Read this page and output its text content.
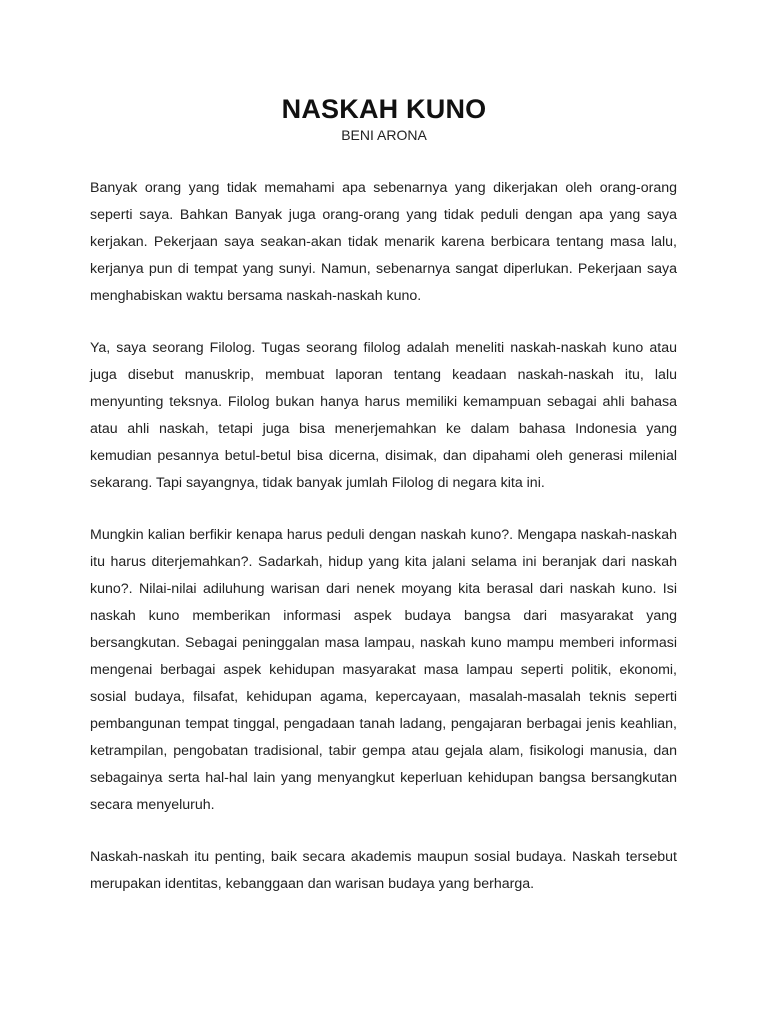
NASKAH KUNO

BENI ARONA

Banyak orang yang tidak memahami apa sebenarnya yang dikerjakan oleh orang-orang seperti saya. Bahkan Banyak juga orang-orang yang tidak peduli dengan apa yang saya kerjakan. Pekerjaan saya seakan-akan tidak menarik karena berbicara tentang masa lalu, kerjanya pun di tempat yang sunyi. Namun, sebenarnya sangat diperlukan. Pekerjaan saya menghabiskan waktu bersama naskah-naskah kuno.

Ya, saya seorang Filolog. Tugas seorang filolog adalah meneliti naskah-naskah kuno atau juga disebut manuskrip, membuat laporan tentang keadaan naskah-naskah itu, lalu menyunting teksnya. Filolog bukan hanya harus memiliki kemampuan sebagai ahli bahasa atau ahli naskah, tetapi juga bisa menerjemahkan ke dalam bahasa Indonesia yang kemudian pesannya betul-betul bisa dicerna, disimak, dan dipahami oleh generasi milenial sekarang. Tapi sayangnya, tidak banyak jumlah Filolog di negara kita ini.

Mungkin kalian berfikir kenapa harus peduli dengan naskah kuno?. Mengapa naskah-naskah itu harus diterjemahkan?. Sadarkah, hidup yang kita jalani selama ini beranjak dari naskah kuno?. Nilai-nilai adiluhung warisan dari nenek moyang kita berasal dari naskah kuno. Isi naskah kuno memberikan informasi aspek budaya bangsa dari masyarakat yang bersangkutan. Sebagai peninggalan masa lampau, naskah kuno mampu memberi informasi mengenai berbagai aspek kehidupan masyarakat masa lampau seperti politik, ekonomi, sosial budaya, filsafat, kehidupan agama, kepercayaan, masalah-masalah teknis seperti pembangunan tempat tinggal, pengadaan tanah ladang, pengajaran berbagai jenis keahlian, ketrampilan, pengobatan tradisional, tabir gempa atau gejala alam, fisikologi manusia, dan sebagainya serta hal-hal lain yang menyangkut keperluan kehidupan bangsa bersangkutan secara menyeluruh.

Naskah-naskah itu penting, baik secara akademis maupun sosial budaya. Naskah tersebut merupakan identitas, kebanggaan dan warisan budaya yang berharga.
